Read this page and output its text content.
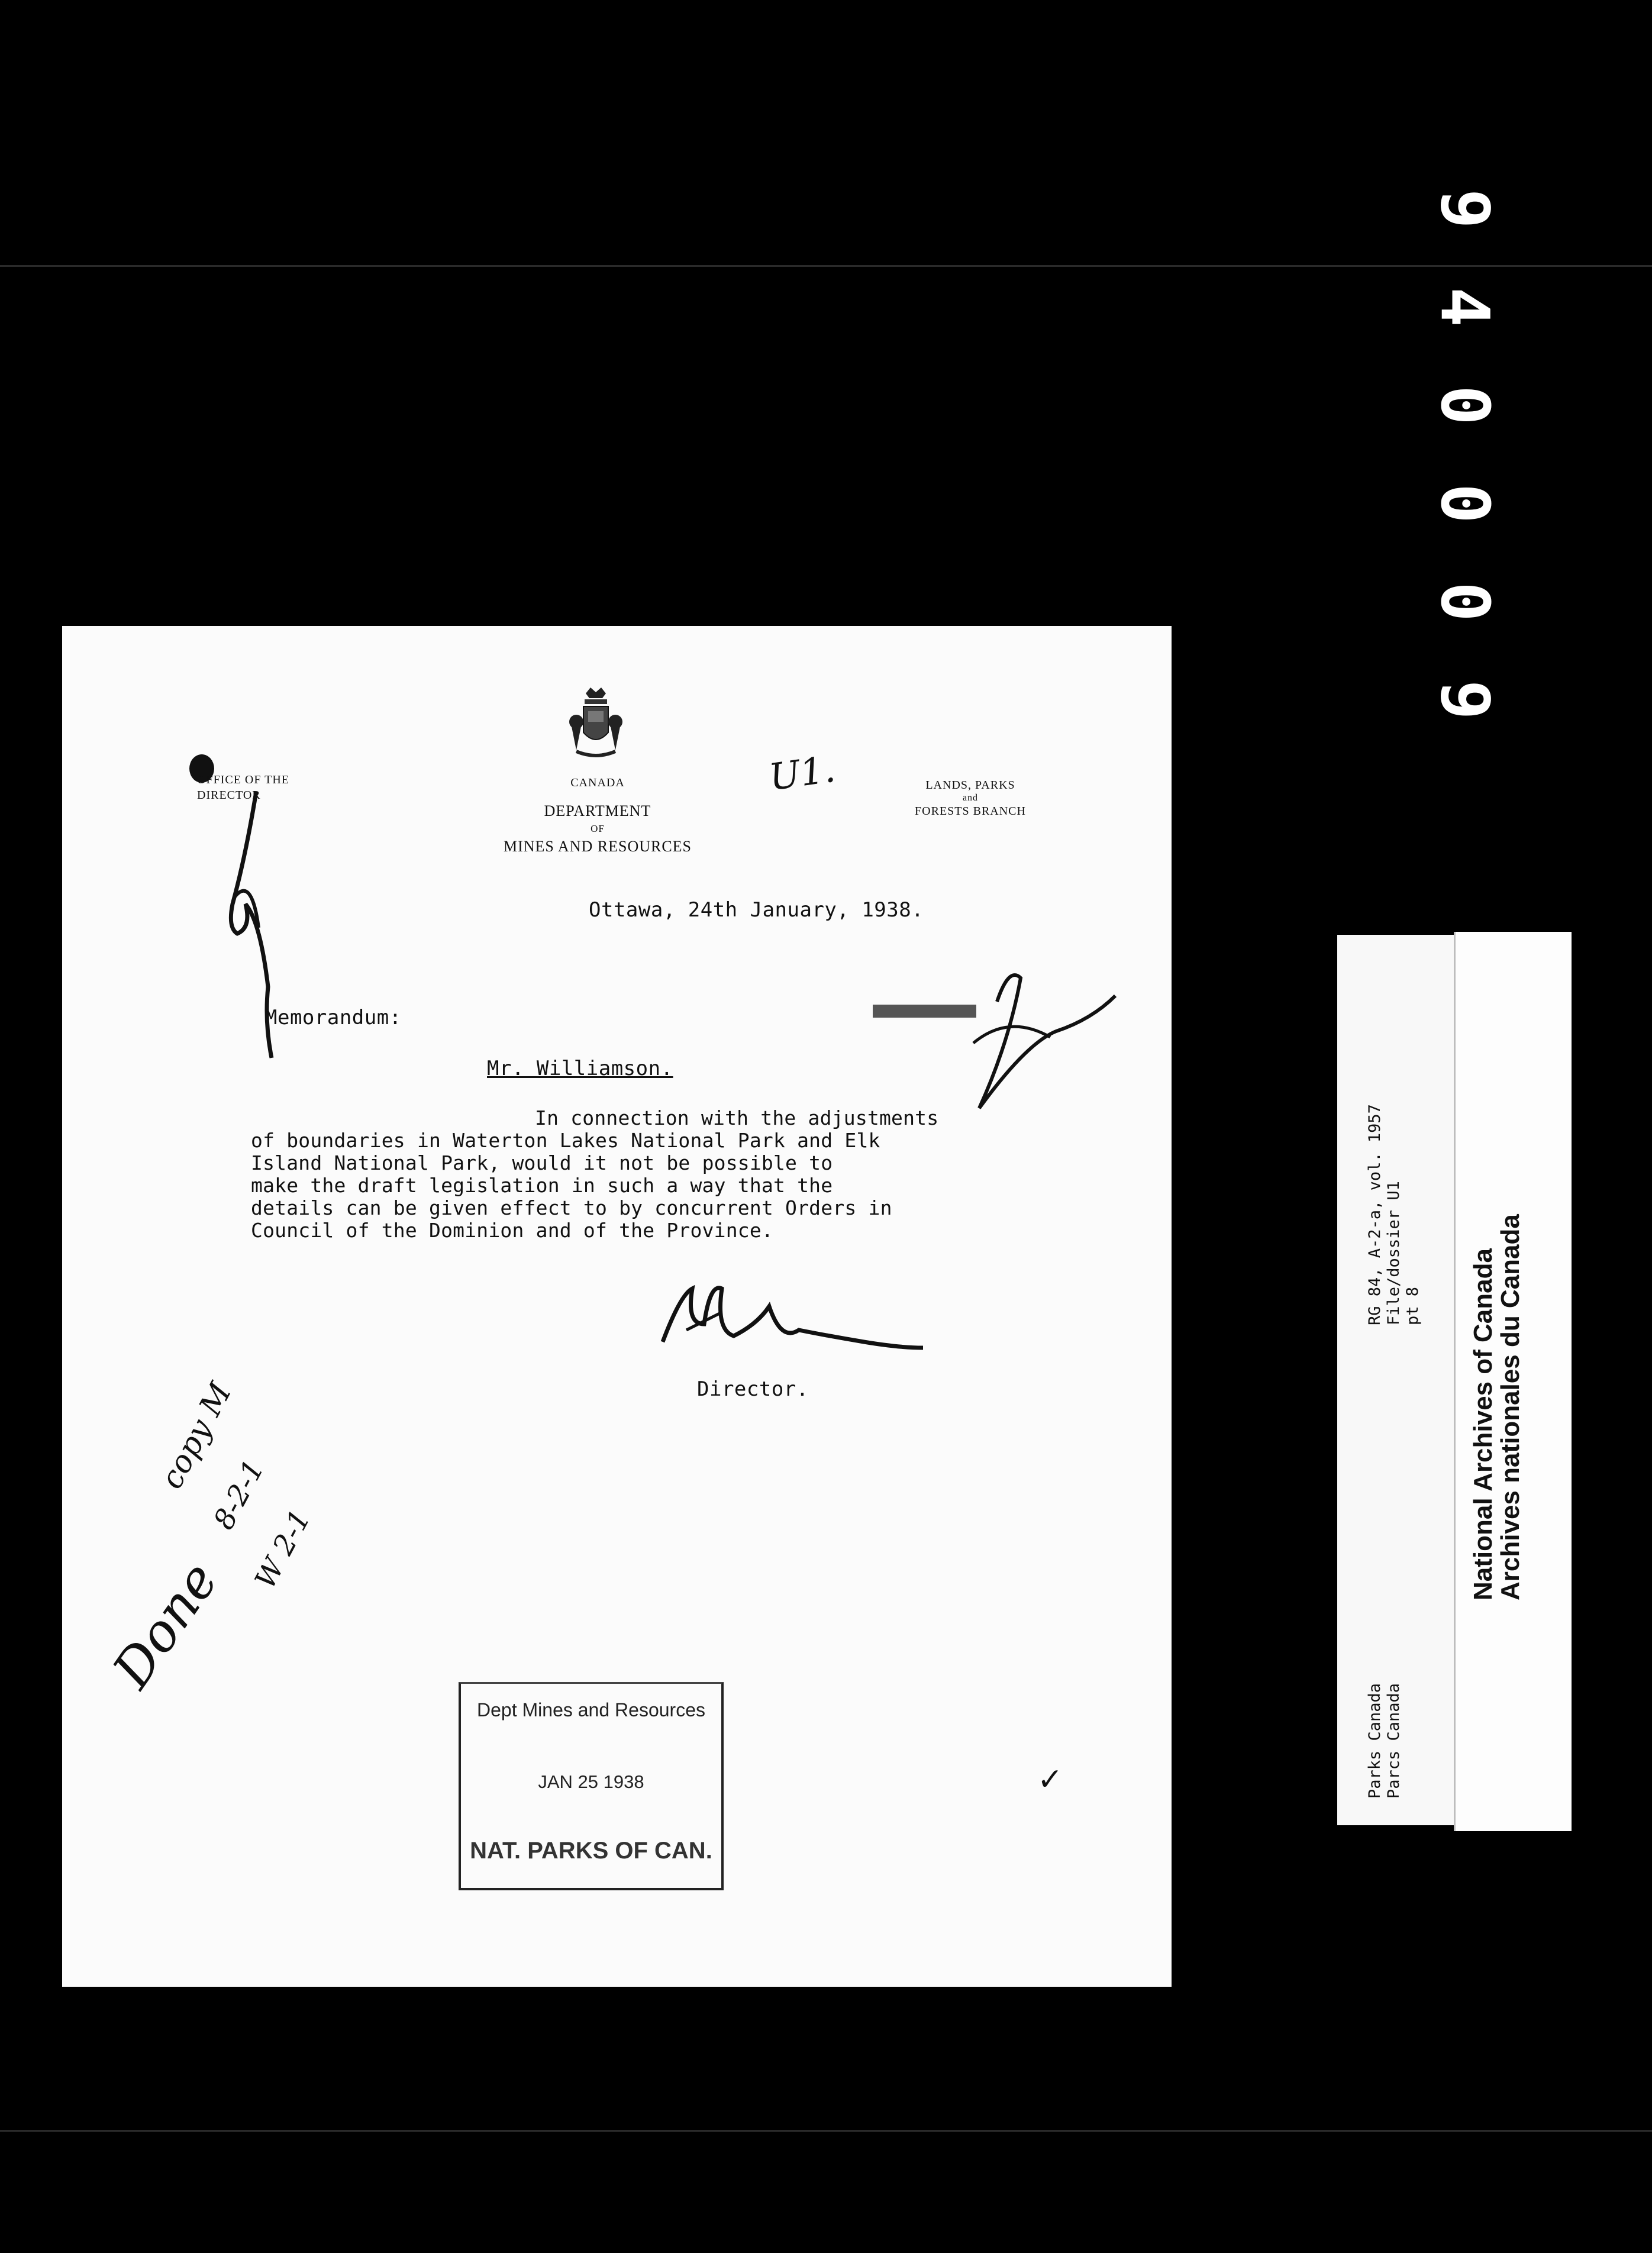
9
4
0
0
0
9
OFFICE OF THE
DIRECTOR
CANADA
DEPARTMENT
OF
MINES AND RESOURCES
LANDS, PARKS
and
FORESTS BRANCH
U1.
Ottawa, 24th January, 1938.
Memorandum:
Mr. Williamson.
In connection with the adjustments
of boundaries in Waterton Lakes National Park and Elk
Island National Park, would it not be possible to
make the draft legislation in such a way that the
details can be given effect to by concurrent Orders in
Council of the Dominion and of the Province.
Director.
copy M
8-2-1
W 2-1
Done
Dept Mines and Resources
JAN 25 1938
NAT. PARKS OF CAN.
✓
RG 84, A-2-a, vol. 1957 File/dossier U1 pt 8
Parks Canada Parcs Canada
National Archives of Canada
Archives nationales du Canada
